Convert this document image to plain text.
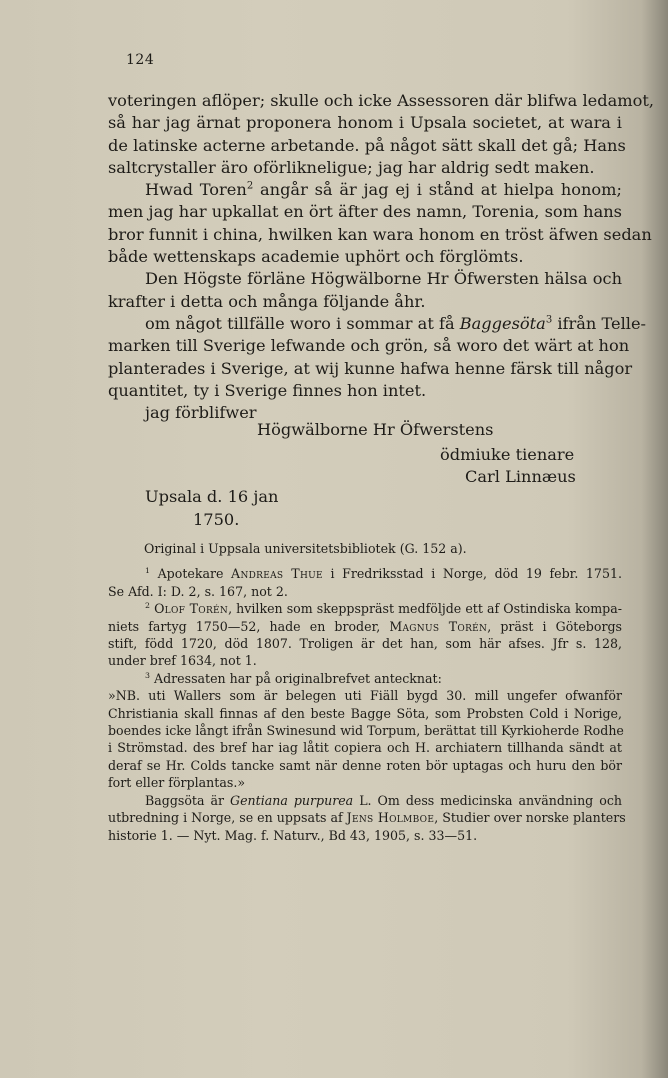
124
voteringen aflöper; skulle och icke Assessoren där blifwa ledamot,
så har jag ärnat proponera honom i Upsala societet, at wara i
de latinske acterne arbetande. på något sätt skall det gå; Hans
saltcrystaller äro oförlikneligue; jag har aldrig sedt maken.
Hwad Toren$^2$ angår så är jag ej i stånd at hielpa honom;
men jag har upkallat en ört äfter des namn, Torenia, som hans
bror funnit i china, hwilken kan wara honom en tröst äfwen sedan
både wettenskaps academie uphört och förglömts.
Den Högste förläne Högwälborne Hr Öfwersten hälsa och
krafter i detta och många följande åhr.
om något tillfälle woro i sommar at få Baggesöta$^3$ ifrån Telle-
marken till Sverige lefwande och grön, så woro det wärt at hon
planterades i Sverige, at wij kunne hafwa henne färsk till någor
quantitet, ty i Sverige finnes hon intet.
jag förblifwer
Högwälborne Hr Öfwerstens
ödmiuke tienare
Carl Linnæus
Upsala d. 16 jan
1750.
Original i Uppsala universitetsbibliotek (G. 152 a).
$^1$ Apotekare Andreas Thue i Fredriksstad i Norge, död 19 febr. 1751.
Se Afd. I: D. 2, s. 167, not 2.
$^2$ Olof Torén, hvilken som skeppspräst medföljde ett af Ostindiska kompa-
niets fartyg 1750—52, hade en broder, Magnus Torén, präst i Göteborgs
stift, född 1720, död 1807. Troligen är det han, som här afses. Jfr s. 128,
under bref 1634, not 1.
$^3$ Adressaten har på originalbrefvet antecknat:
»NB. uti Wallers som är belegen uti Fiäll bygd 30. mill ungefer ofwanför
Christiania skall finnas af den beste Bagge Söta, som Probsten Cold i Norige,
boendes icke långt ifrån Swinesund wid Torpum, berättat till Kyrkioherde Rodhe
i Strömstad. des bref har iag låtit copiera och H. archiatern tillhanda sändt at
deraf se Hr. Colds tancke samt när denne roten bör uptagas och huru den bör
fort eller förplantas.»
Baggsöta är Gentiana purpurea L. Om dess medicinska användning och
utbredning i Norge, se en uppsats af Jens Holmboe, Studier over norske planters
historie 1. — Nyt. Mag. f. Naturv., Bd 43, 1905, s. 33—51.
